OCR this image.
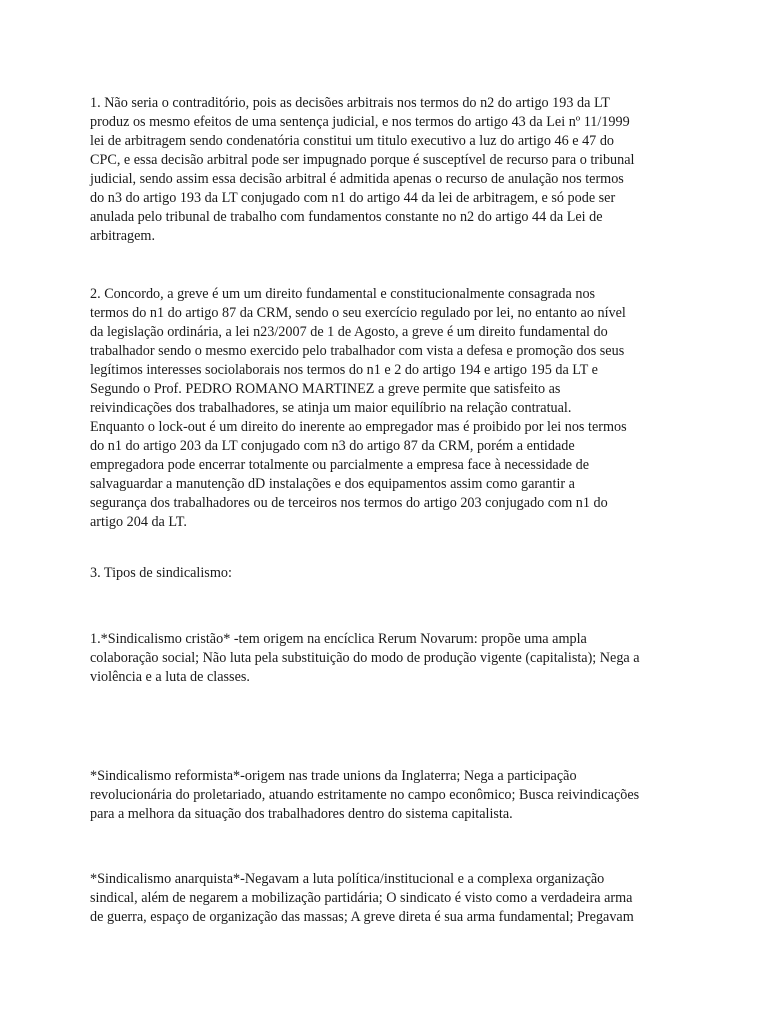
1. Não seria o contraditório, pois as decisões arbitrais nos termos do n2 do artigo 193 da LT
produz os mesmo efeitos de uma sentença judicial, e nos termos do artigo 43 da Lei nº 11/1999
lei de arbitragem sendo condenatória constitui um titulo executivo a luz do artigo 46 e 47 do
CPC, e essa decisão arbitral pode ser impugnado porque é susceptível de recurso para o tribunal
judicial, sendo assim essa decisão arbitral é admitida apenas o recurso de anulação nos termos
do n3 do artigo 193 da LT conjugado com n1 do artigo 44 da lei de arbitragem, e só pode ser
anulada pelo tribunal de trabalho com fundamentos constante no n2 do artigo 44 da Lei de
arbitragem.

2. Concordo, a greve é um um direito fundamental e constitucionalmente consagrada nos
termos do n1 do artigo 87 da CRM, sendo o seu exercício regulado por lei, no entanto ao nível
da legislação ordinária, a lei n23/2007 de 1 de Agosto, a greve é um direito fundamental do
trabalhador sendo o mesmo exercido pelo trabalhador com vista a defesa e promoção dos seus
legítimos interesses sociolaborais nos termos do n1 e 2 do artigo 194 e artigo 195 da LT e
Segundo o Prof. PEDRO ROMANO MARTINEZ a greve permite que satisfeito as
reivindicações dos trabalhadores, se atinja um maior equilíbrio na relação contratual.
Enquanto o lock-out é um direito do inerente ao empregador mas é proibido por lei nos termos
do n1 do artigo 203 da LT conjugado com n3 do artigo 87 da CRM, porém a entidade
empregadora pode encerrar totalmente ou parcialmente a empresa face à necessidade de
salvaguardar a manutenção dD instalações e dos equipamentos assim como garantir a
segurança dos trabalhadores ou de terceiros nos termos do artigo 203 conjugado com n1 do
artigo 204 da LT.

3. Tipos de sindicalismo:

1.*Sindicalismo cristão* -tem origem na encíclica Rerum Novarum: propõe uma ampla
colaboração social; Não luta pela substituição do modo de produção vigente (capitalista); Nega a
violência e a luta de classes.

*Sindicalismo reformista*-origem nas trade unions da Inglaterra; Nega a participação
revolucionária do proletariado, atuando estritamente no campo econômico; Busca reivindicações
para a melhora da situação dos trabalhadores dentro do sistema capitalista.

*Sindicalismo anarquista*-Negavam a luta política/institucional e a complexa organização
sindical, além de negarem a mobilização partidária; O sindicato é visto como a verdadeira arma
de guerra, espaço de organização das massas; A greve direta é sua arma fundamental; Pregavam
